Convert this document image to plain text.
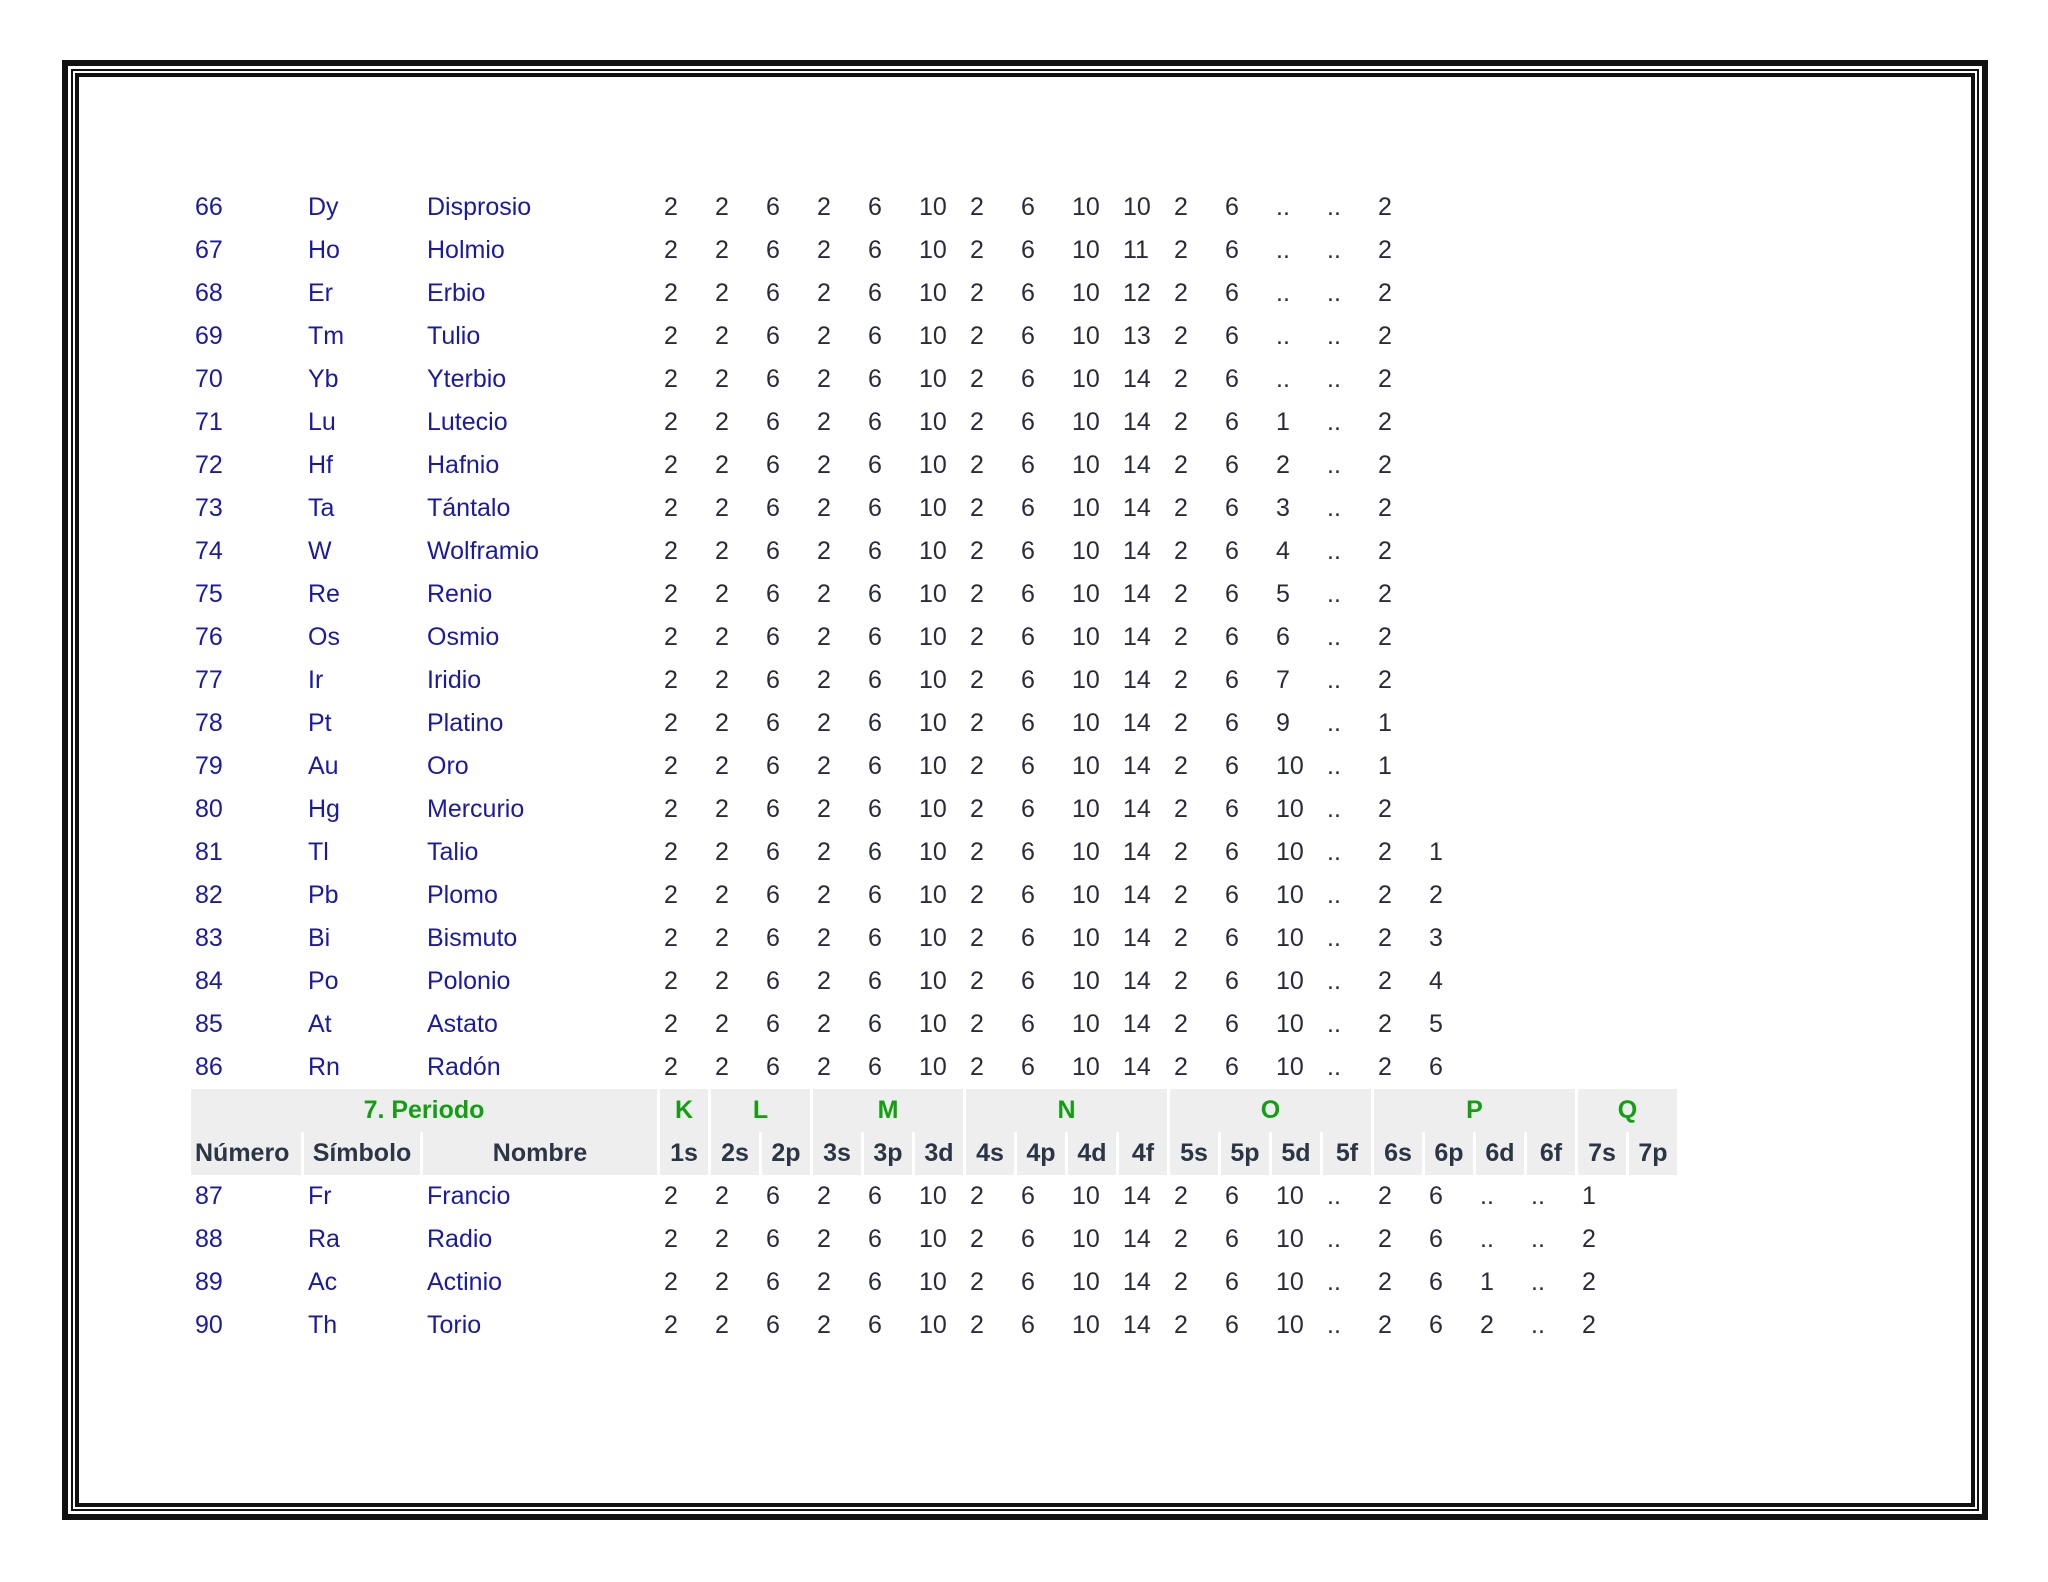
66	Dy	Disprosio	2	2	6	2	6	10	2	6	10	10	2	6	..	..	2					
67	Ho	Holmio	2	2	6	2	6	10	2	6	10	11	2	6	..	..	2					
68	Er	Erbio	2	2	6	2	6	10	2	6	10	12	2	6	..	..	2					
69	Tm	Tulio	2	2	6	2	6	10	2	6	10	13	2	6	..	..	2					
70	Yb	Yterbio	2	2	6	2	6	10	2	6	10	14	2	6	..	..	2					
71	Lu	Lutecio	2	2	6	2	6	10	2	6	10	14	2	6	1	..	2					
72	Hf	Hafnio	2	2	6	2	6	10	2	6	10	14	2	6	2	..	2					
73	Ta	Tántalo	2	2	6	2	6	10	2	6	10	14	2	6	3	..	2					
74	W	Wolframio	2	2	6	2	6	10	2	6	10	14	2	6	4	..	2					
75	Re	Renio	2	2	6	2	6	10	2	6	10	14	2	6	5	..	2					
76	Os	Osmio	2	2	6	2	6	10	2	6	10	14	2	6	6	..	2					
77	Ir	Iridio	2	2	6	2	6	10	2	6	10	14	2	6	7	..	2					
78	Pt	Platino	2	2	6	2	6	10	2	6	10	14	2	6	9	..	1					
79	Au	Oro	2	2	6	2	6	10	2	6	10	14	2	6	10	..	1					
80	Hg	Mercurio	2	2	6	2	6	10	2	6	10	14	2	6	10	..	2					
81	Tl	Talio	2	2	6	2	6	10	2	6	10	14	2	6	10	..	2	1				
82	Pb	Plomo	2	2	6	2	6	10	2	6	10	14	2	6	10	..	2	2				
83	Bi	Bismuto	2	2	6	2	6	10	2	6	10	14	2	6	10	..	2	3				
84	Po	Polonio	2	2	6	2	6	10	2	6	10	14	2	6	10	..	2	4				
85	At	Astato	2	2	6	2	6	10	2	6	10	14	2	6	10	..	2	5				
86	Rn	Radón	2	2	6	2	6	10	2	6	10	14	2	6	10	..	2	6				
7. Periodo			K	L		M			N				O				P				Q	
Número	Símbolo	Nombre	1s	2s	2p	3s	3p	3d	4s	4p	4d	4f	5s	5p	5d	5f	6s	6p	6d	6f	7s	7p
87	Fr	Francio	2	2	6	2	6	10	2	6	10	14	2	6	10	..	2	6	..	..	1	
88	Ra	Radio	2	2	6	2	6	10	2	6	10	14	2	6	10	..	2	6	..	..	2	
89	Ac	Actinio	2	2	6	2	6	10	2	6	10	14	2	6	10	..	2	6	1	..	2	
90	Th	Torio	2	2	6	2	6	10	2	6	10	14	2	6	10	..	2	6	2	..	2	
